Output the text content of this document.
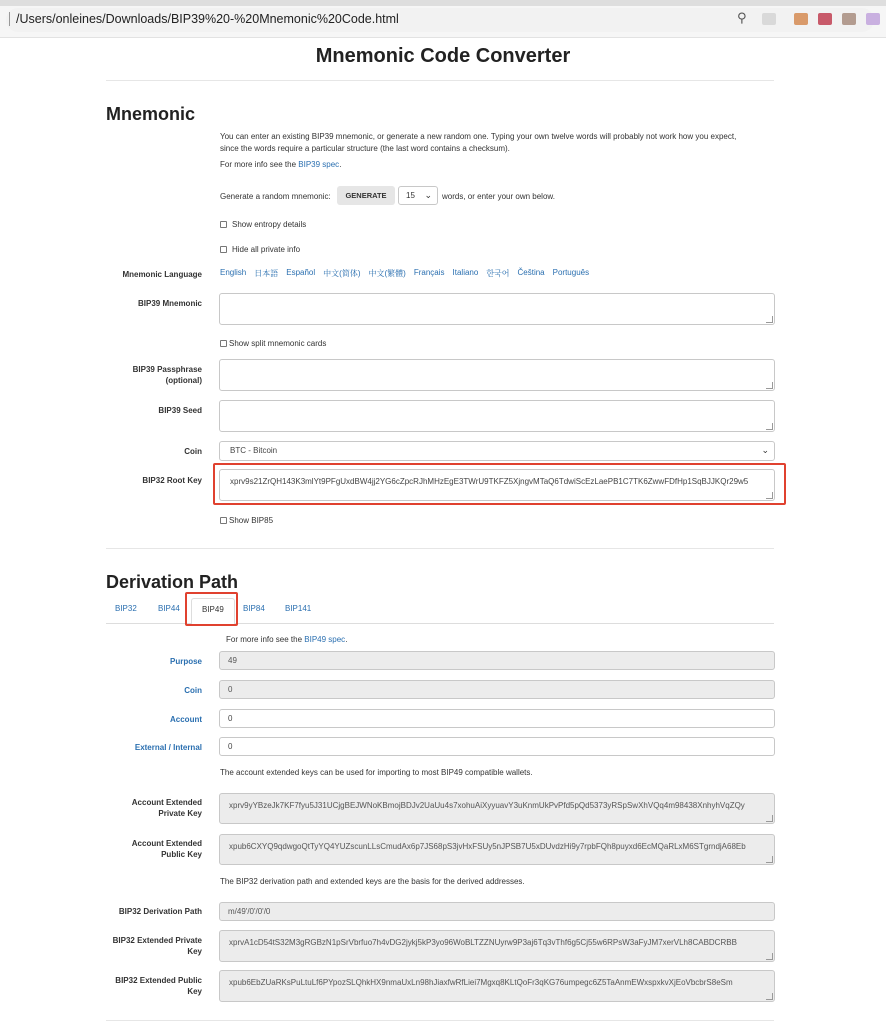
/Users/onleines/Downloads/BIP39%20-%20Mnemonic%20Code.html	⚲
Mnemonic Code Converter
Mnemonic
You can enter an existing BIP39 mnemonic, or generate a new random one. Typing your own twelve words will probably not work how you expect,
since the words require a particular structure (the last word contains a checksum).
For more info see the BIP39 spec.
Generate a random mnemonic:	GENERATE	15 ⌄ words, or enter your own below.
Show entropy details
Hide all private info
Mnemonic Language English 日本語 Español 中文(简体) 中文(繁體) Français Italiano 한국어 Čeština Português
BIP39 Mnemonic
Show split mnemonic cards
BIP39 Passphrase
(optional)
BIP39 Seed
Coin	BTC - Bitcoin	⌄
BIP32 Root Key	xprv9s21ZrQH143K3mlYt9PFgUxdBW4jj2YG6cZpcRJhMHzEgE3TWrU9TKFZ5XjngvMTaQ6TdwiScEzLaePB1C7TK6ZwwFDfHp1SqBJJKQr29w5
Show BIP85
Derivation Path
BIP32	BIP44	BIP49	BIP84	BIP141
For more info see the BIP49 spec.
Purpose	49
Coin	0
Account	0
External / Internal	0
The account extended keys can be used for importing to most BIP49 compatible wallets.
Account Extended
Private Key
xprv9yYBzeJk7KF7fyu5J31UCjgBEJWNoKBmojBDJv2UaUu4s7xohuAiXyyuavY3uKnmUkPvPfd5pQd5373yRSpSwXhVQq4m98438XnhyhVqZQy
Account Extended
Public Key
xpub6CXYQ9qdwgoQtTyYQ4YUZscunLLsCmudAx6p7JS68pS3jvHxFSUy5nJPSB7U5xDUvdzHi9y7rpbFQh8puyxd6EcMQaRLxM6STgrndjA68Eb
The BIP32 derivation path and extended keys are the basis for the derived addresses.
BIP32 Derivation Path	m/49'/0'/0'/0
BIP32 Extended Private
Key
xprvA1cD54tS32M3gRGBzN1pSrVbrfuo7h4vDG2jykj5kP3yo96WoBLTZZNUyrw9P3aj6Tq3vThf6g5Cj55w6RPsW3aFyJM7xerVLh8CABDCRBB
BIP32 Extended Public
Key
xpub6EbZUaRKsPuLtuLf6PYpozSLQhkHX9nmaUxLn98hJiaxfwRfLiei7Mgxq8KLtQoFr3qKG76umpegc6Z5TaAnmEWxspxkvXjEoVbcbrS8eSm
